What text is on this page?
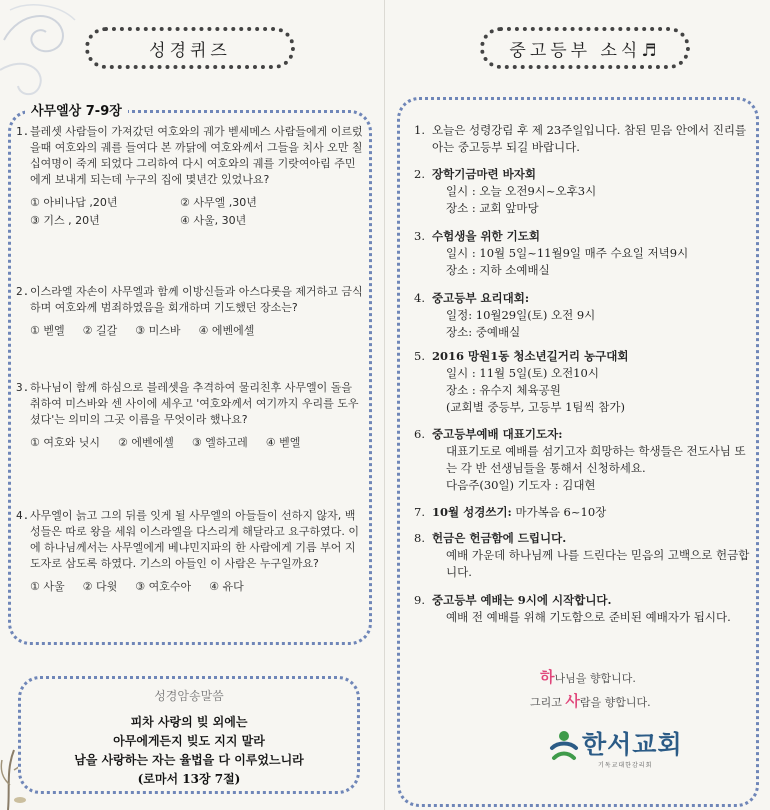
성경퀴즈
사무엘상 7-9장
1. 블레셋 사람들이 가져갔던 여호와의 궤가 벧세메스 사람들에게 이르렀을때 여호와의 궤를 들여다 본 까닭에 여호와께서 그들을 치사 오만 칠십여명이 죽게 되었다 그리하여 다시 여호와의 궤를 기랏여아림 주민에게 보내게 되는데 누구의 집에 몇년간 있었나요?
① 아비나답 ,20년	② 사무엘 ,30년
③ 기스 , 20년	④ 사울, 30년
2. 이스라엘 자손이 사무엘과 함께 이방신들과 아스다롯을 제거하고 금식하며 여호와께 범죄하였음을 회개하며 기도했던 장소는?
① 벧엘 ② 길갈 ③ 미스바 ④ 에벤에셀
3. 하나님이 함께 하심으로 블레셋을 추격하여 물리친후 사무엘이 돌을 취하여 미스바와 센 사이에 세우고 '여호와께서 여기까지 우리를 도우셨다'는 의미의 그곳 이름을 무엇이라 했나요?
① 여호와 닛시 ② 에벤에셀 ③ 엘하고레 ④ 벧엘
4. 사무엘이 늙고 그의 뒤를 잇게 될 사무엘의 아들들이 선하지 않자, 백성들은 따로 왕을 세워 이스라엘을 다스리게 해달라고 요구하였다. 이에 하나님께서는 사무엘에게 베냐민지파의 한 사람에게 기름 부어 지도자로 삼도록 하였다. 기스의 아들인 이 사람은 누구일까요?
① 사울 ② 다윗 ③ 여호수아 ④ 유다
성경암송말씀
피차 사랑의 빚 외에는
아무에게든지 빚도 지지 말라
남을 사랑하는 자는 율법을 다 이루었느니라
(로마서 13장 7절)
중고등부 소식♬
1. 오늘은 성령강림 후 제 23주일입니다. 참된 믿음 안에서 진리를 아는 중고등부 되길 바랍니다.
2. 장학기금마련 바자회
일시 : 오늘 오전9시~오후3시
장소 : 교회 앞마당
3. 수험생을 위한 기도회
일시 : 10월 5일~11월9일 매주 수요일 저녁9시
장소 : 지하 소예배실
4. 중고등부 요리대회:
일정: 10월29일(토) 오전 9시
장소: 중예배실
5. 2016 망원1동 청소년길거리 농구대회
일시 : 11월 5일(토) 오전10시
장소 : 유수지 체육공원
(교회별 중등부, 고등부 1팀씩 참가)
6. 중고등부예배 대표기도자:
대표기도로 예배를 섬기고자 희망하는 학생들은 전도사님 또는 각 반 선생님들을 통해서 신청하세요.
다음주(30일) 기도자 : 김대현
7. 10월 성경쓰기: 마가복음 6~10장
8. 헌금은 헌금함에 드립니다.
예배 가운데 하나님께 나를 드린다는 믿음의 고백으로 헌금합니다.
9. 중고등부 예배는 9시에 시작합니다.
예배 전 예배를 위해 기도함으로 준비된 예배자가 됩시다.
하나님을 향합니다.
그리고 사람을 향합니다.
한서교회
기독교대한감리회
